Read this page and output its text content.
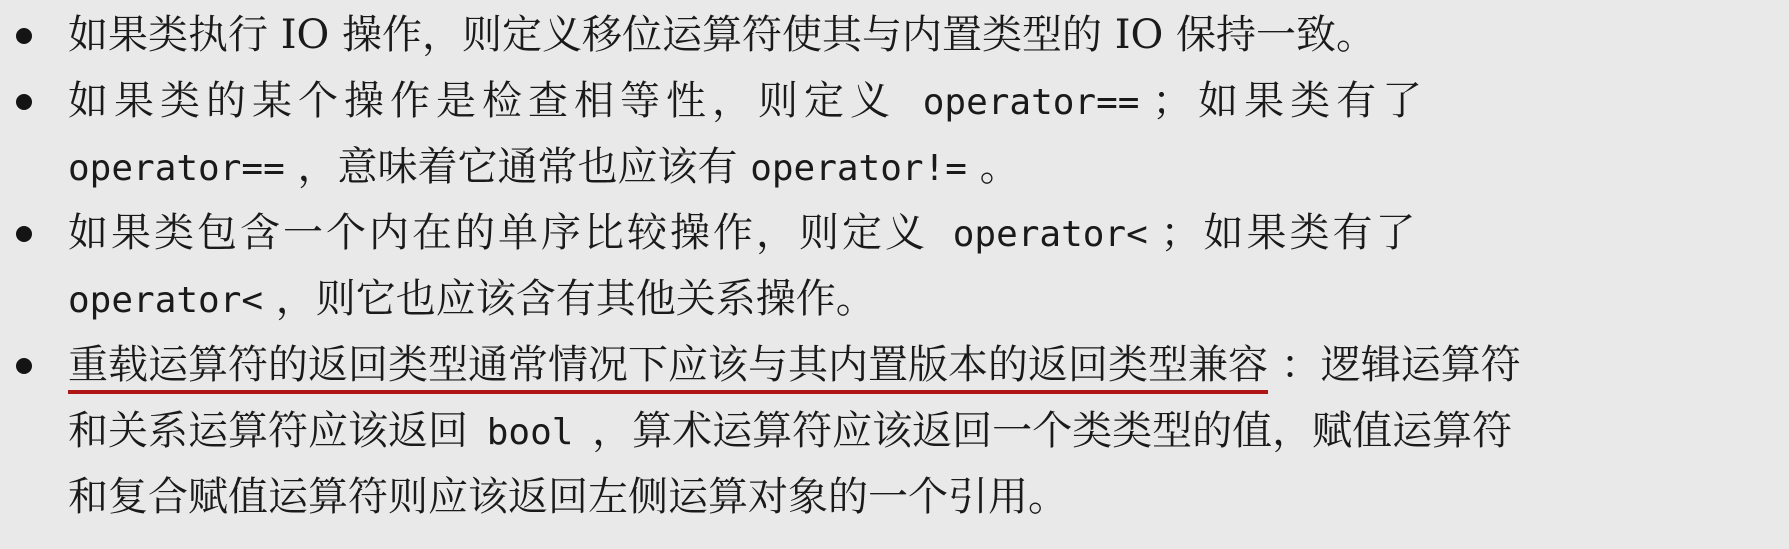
如果类执行 IO 操作，则定义移位运算符使其与内置类型的 IO 保持一致。
如果类的某个操作是检查相等性，则定义 operator== ；如果类有了
operator== ，意味着它通常也应该有 operator!= 。
如果类包含一个内在的单序比较操作，则定义 operator< ；如果类有了
operator< ，则它也应该含有其他关系操作。
重载运算符的返回类型通常情况下应该与其内置版本的返回类型兼容 ：逻辑运算符
和关系运算符应该返回 bool ，算术运算符应该返回一个类类型的值，赋值运算符
和复合赋值运算符则应该返回左侧运算对象的一个引用。
